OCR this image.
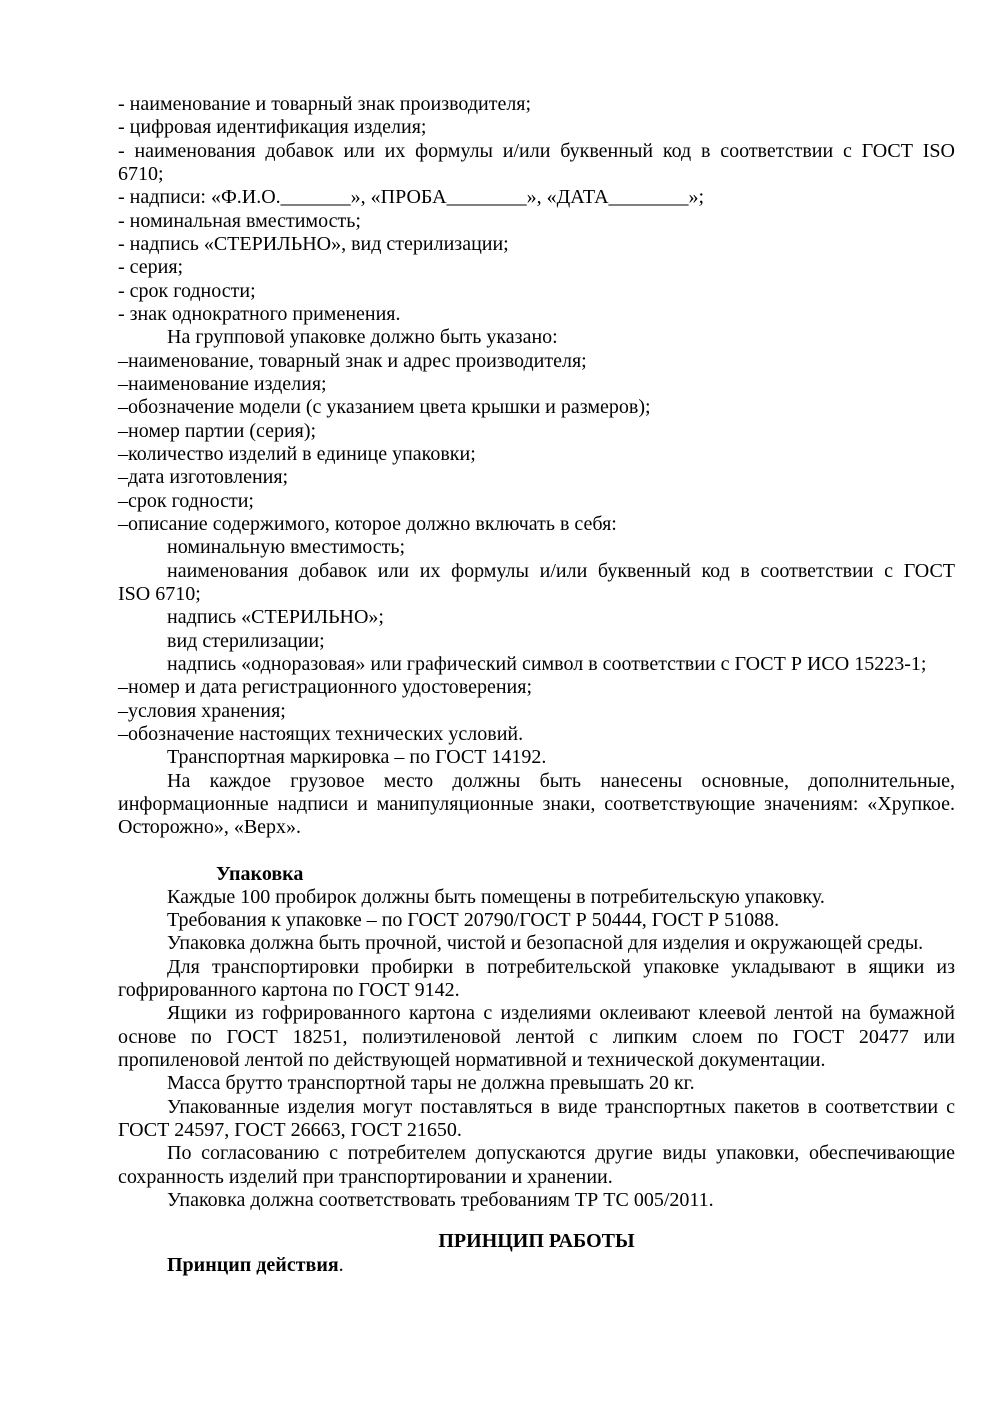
- наименование и товарный знак производителя;
- цифровая идентификация изделия;
- наименования добавок или их формулы и/или буквенный код в соответствии с ГОСТ ISO
6710;
- надписи: «Ф.И.О._______», «ПРОБА________», «ДАТА________»;
- номинальная вместимость;
- надпись «СТЕРИЛЬНО», вид стерилизации;
- серия;
- срок годности;
- знак однократного применения.
На групповой упаковке должно быть указано:
–наименование, товарный знак и адрес производителя;
–наименование изделия;
–обозначение модели (с указанием цвета крышки и размеров);
–номер партии (серия);
–количество изделий в единице упаковки;
–дата изготовления;
–срок годности;
–описание содержимого, которое должно включать в себя:
номинальную вместимость;
наименования добавок или их формулы и/или буквенный код в соответствии с ГОСТ
ISO 6710;
надпись «СТЕРИЛЬНО»;
вид стерилизации;
надпись «одноразовая» или графический символ в соответствии с ГОСТ Р ИСО 15223-1;
–номер и дата регистрационного удостоверения;
–условия хранения;
–обозначение настоящих технических условий.
Транспортная маркировка – по ГОСТ 14192.
На каждое грузовое место должны быть нанесены основные, дополнительные,
информационные надписи и манипуляционные знаки, соответствующие значениям: «Хрупкое.
Осторожно», «Верх».
Упаковка
Каждые 100 пробирок должны быть помещены в потребительскую упаковку.
Требования к упаковке – по ГОСТ 20790/ГОСТ Р 50444, ГОСТ Р 51088.
Упаковка должна быть прочной, чистой и безопасной для изделия и окружающей среды.
Для транспортировки пробирки в потребительской упаковке укладывают в ящики из
гофрированного картона по ГОСТ 9142.
Ящики из гофрированного картона с изделиями оклеивают клеевой лентой на бумажной
основе по ГОСТ 18251, полиэтиленовой лентой с липким слоем по ГОСТ 20477 или
пропиленовой лентой по действующей нормативной и технической документации.
Масса брутто транспортной тары не должна превышать 20 кг.
Упакованные изделия могут поставляться в виде транспортных пакетов в соответствии с
ГОСТ 24597, ГОСТ 26663, ГОСТ 21650.
По согласованию с потребителем допускаются другие виды упаковки, обеспечивающие
сохранность изделий при транспортировании и хранении.
Упаковка должна соответствовать требованиям ТР ТС 005/2011.
ПРИНЦИП РАБОТЫ
Принцип действия.
